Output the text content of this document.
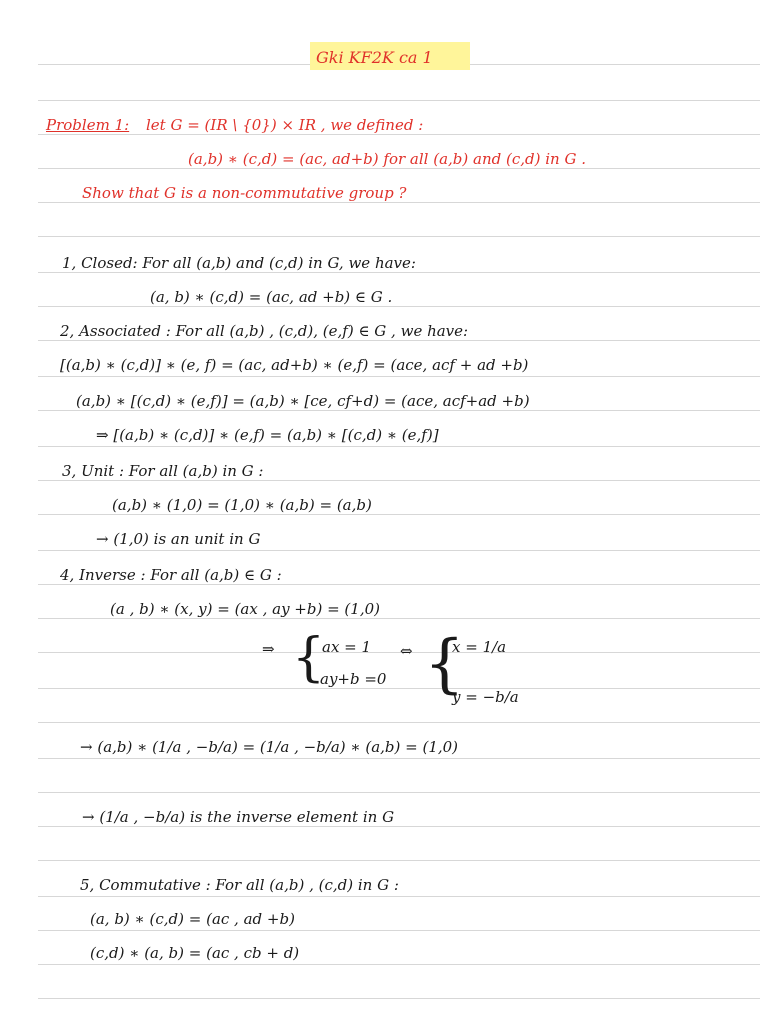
Gki KF2K ca 1
Problem 1: let G = (IR \ {0}) × IR , we defined :
(a,b) ∗ (c,d) = (ac, ad+b) for all (a,b) and (c,d) in G .
Show that G is a non-commutative group ?
1, Closed: For all (a,b) and (c,d) in G, we have:
(a, b) ∗ (c,d) = (ac, ad +b) ∈ G .
2, Associated : For all (a,b) , (c,d), (e,f) ∈ G , we have:
[(a,b) ∗ (c,d)] ∗ (e, f) = (ac, ad+b) ∗ (e,f) = (ace, acf + ad +b)
(a,b) ∗ [(c,d) ∗ (e,f)] = (a,b) ∗ [ce, cf+d) = (ace, acf+ad +b)
⇒ [(a,b) ∗ (c,d)] ∗ (e,f) = (a,b) ∗ [(c,d) ∗ (e,f)]
3, Unit : For all (a,b) in G :
(a,b) ∗ (1,0) = (1,0) ∗ (a,b) = (a,b)
→ (1,0) is an unit in G
4, Inverse : For all (a,b) ∈ G :
(a , b) ∗ (x, y) = (ax , ay +b) = (1,0)
⇒ {
ax = 1
ay+b =0
⇔ {
x = 1/a
y = −b/a
→ (a,b) ∗ (1/a , −b/a) = (1/a , −b/a) ∗ (a,b) = (1,0)
→ (1/a , −b/a) is the inverse element in G
5, Commutative : For all (a,b) , (c,d) in G :
(a, b) ∗ (c,d) = (ac , ad +b)
(c,d) ∗ (a, b) = (ac , cb + d)
